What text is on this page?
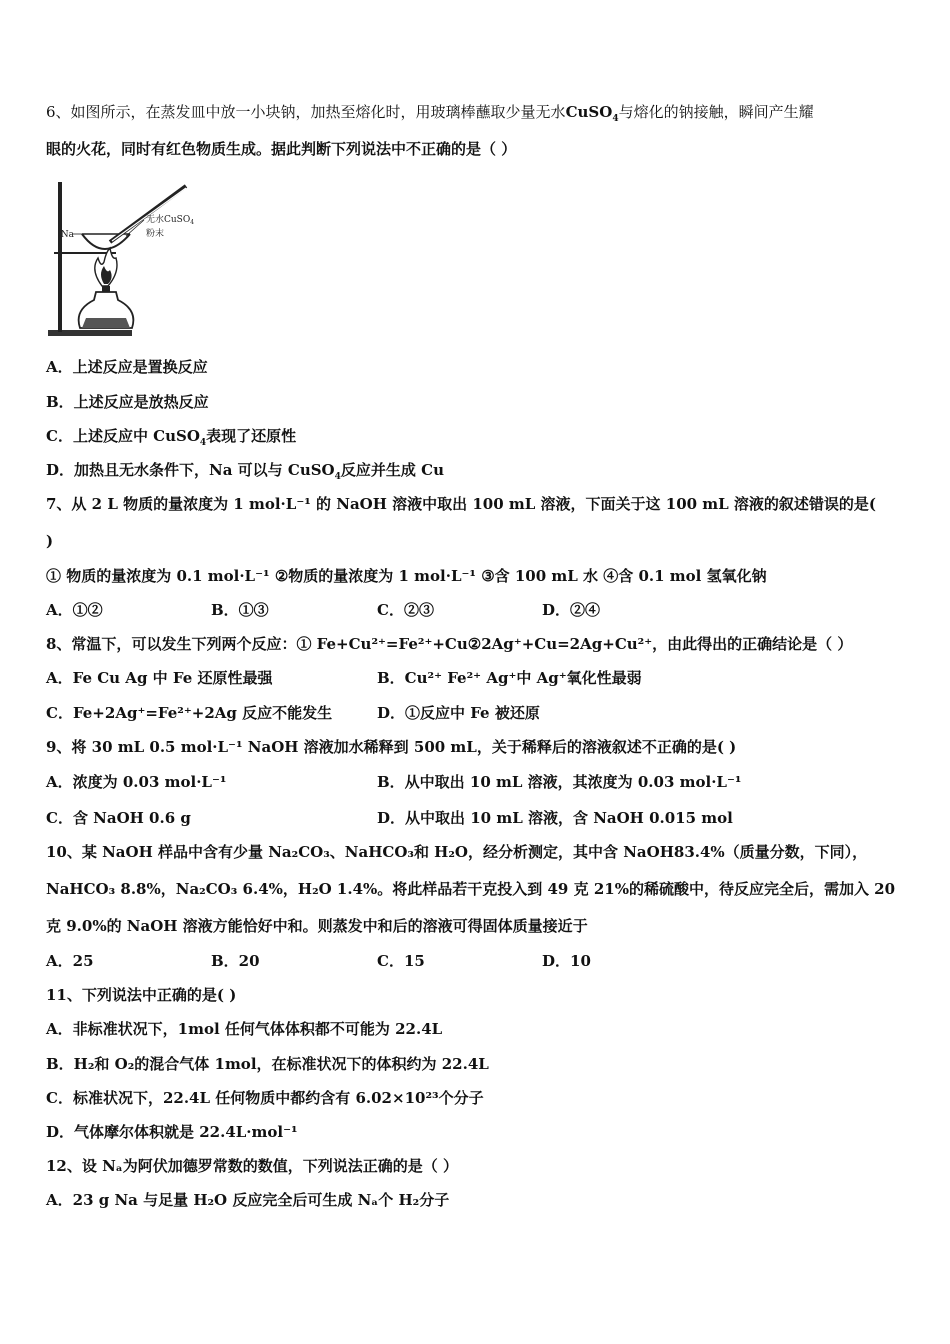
6、如图所示，在蒸发皿中放一小块钠，加热至熔化时，用玻璃棒蘸取少量无水CuSO$_4$与熔化的钠接触，瞬间产生耀
眼的火花，同时有红色物质生成。据此判断下列说法中不正确的是（ ）
Na
无水CuSO$_4$
粉末
A．上述反应是置换反应
B．上述反应是放热反应
C．上述反应中 CuSO$_4$表现了还原性
D．加热且无水条件下，Na 可以与 CuSO$_4$反应并生成 Cu
7、从 2 L 物质的量浓度为 1 mol·L⁻¹ 的 NaOH 溶液中取出 100 mL 溶液，下面关于这 100 mL 溶液的叙述错误的是(
)
① 物质的量浓度为 0.1 mol·L⁻¹ ②物质的量浓度为 1 mol·L⁻¹ ③含 100 mL 水 ④含 0.1 mol 氢氧化钠
A．①②	B．①③	C．②③	D．②④
8、常温下，可以发生下列两个反应：① Fe+Cu²⁺=Fe²⁺+Cu②2Ag⁺+Cu=2Ag+Cu²⁺，由此得出的正确结论是（ ）
A．Fe Cu Ag 中 Fe 还原性最强	B．Cu²⁺ Fe²⁺ Ag⁺中 Ag⁺氧化性最弱
C．Fe+2Ag⁺=Fe²⁺+2Ag 反应不能发生	D．①反应中 Fe 被还原
9、将 30 mL 0.5 mol·L⁻¹ NaOH 溶液加水稀释到 500 mL，关于稀释后的溶液叙述不正确的是( )
A．浓度为 0.03 mol·L⁻¹	B．从中取出 10 mL 溶液，其浓度为 0.03 mol·L⁻¹
C．含 NaOH 0.6 g	D．从中取出 10 mL 溶液，含 NaOH 0.015 mol
10、某 NaOH 样品中含有少量 Na₂CO₃、NaHCO₃和 H₂O，经分析测定，其中含 NaOH83.4%（质量分数，下同），
NaHCO₃ 8.8%，Na₂CO₃ 6.4%，H₂O 1.4%。将此样品若干克投入到 49 克 21%的稀硫酸中，待反应完全后，需加入 20
克 9.0%的 NaOH 溶液方能恰好中和。则蒸发中和后的溶液可得固体质量接近于
A．25	B．20	C．15	D．10
11、下列说法中正确的是( )
A．非标准状况下，1mol 任何气体体积都不可能为 22.4L
B．H₂和 O₂的混合气体 1mol，在标准状况下的体积约为 22.4L
C．标准状况下，22.4L 任何物质中都约含有 6.02×10²³个分子
D．气体摩尔体积就是 22.4L·mol⁻¹
12、设 Nₐ为阿伏加德罗常数的数值，下列说法正确的是（ ）
A．23 g Na 与足量 H₂O 反应完全后可生成 Nₐ个 H₂分子
